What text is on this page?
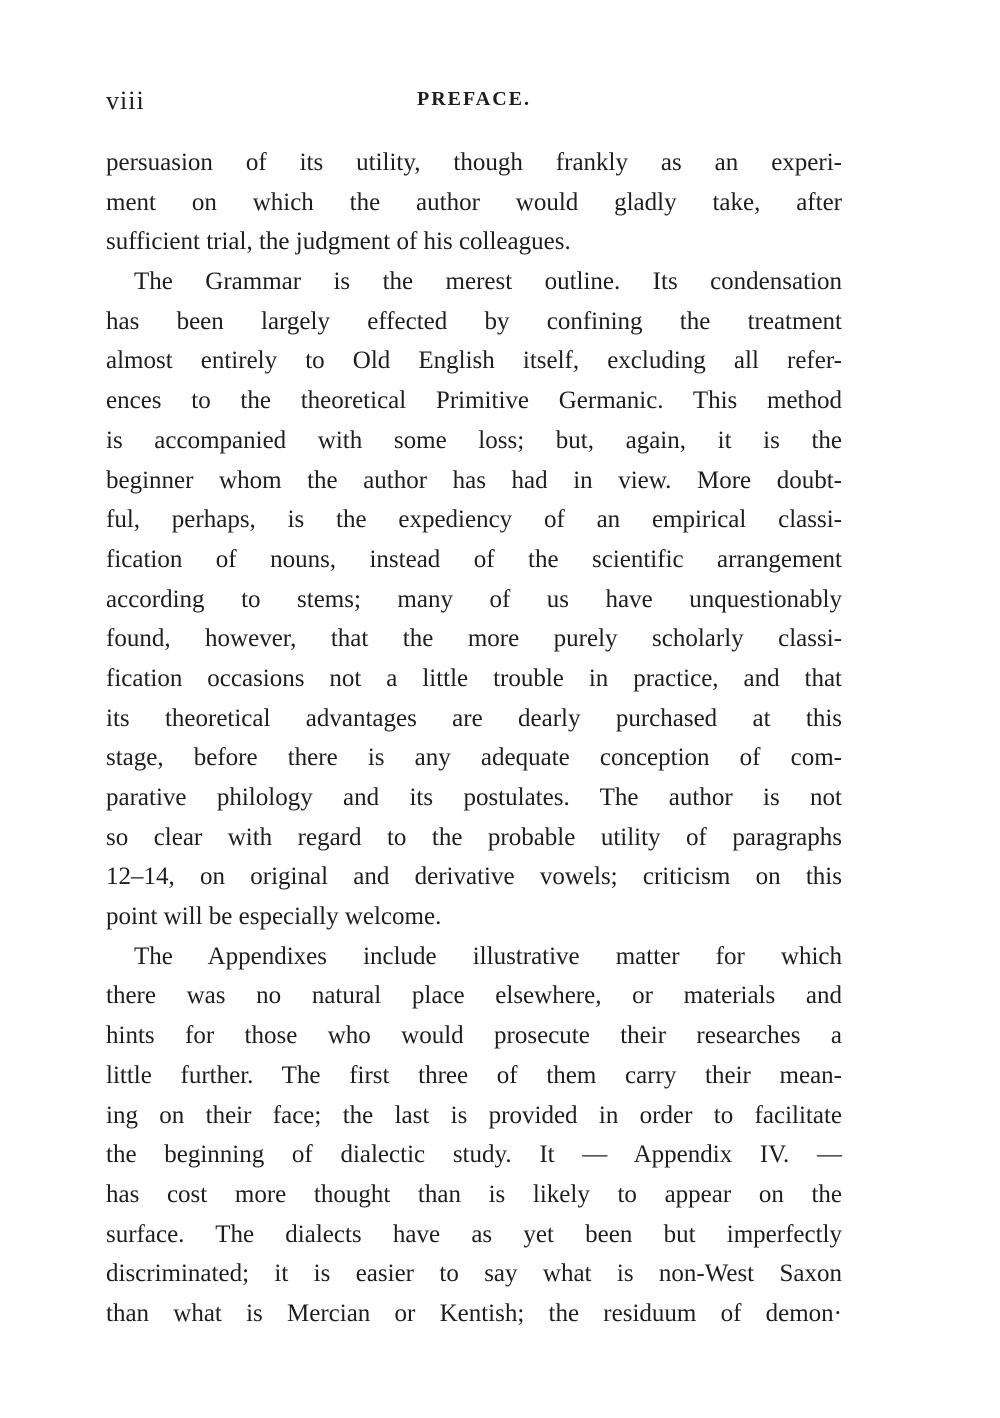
viii	PREFACE.
persuasion of its utility, though frankly as an experi-
ment on which the author would gladly take, after
sufficient trial, the judgment of his colleagues.
The Grammar is the merest outline. Its condensation
has been largely effected by confining the treatment
almost entirely to Old English itself, excluding all refer-
ences to the theoretical Primitive Germanic. This method
is accompanied with some loss; but, again, it is the
beginner whom the author has had in view. More doubt-
ful, perhaps, is the expediency of an empirical classi-
fication of nouns, instead of the scientific arrangement
according to stems; many of us have unquestionably
found, however, that the more purely scholarly classi-
fication occasions not a little trouble in practice, and that
its theoretical advantages are dearly purchased at this
stage, before there is any adequate conception of com-
parative philology and its postulates. The author is not
so clear with regard to the probable utility of paragraphs
12–14, on original and derivative vowels; criticism on this
point will be especially welcome.
The Appendixes include illustrative matter for which
there was no natural place elsewhere, or materials and
hints for those who would prosecute their researches a
little further. The first three of them carry their mean-
ing on their face; the last is provided in order to facilitate
the beginning of dialectic study. It — Appendix IV. —
has cost more thought than is likely to appear on the
surface. The dialects have as yet been but imperfectly
discriminated; it is easier to say what is non-West Saxon
than what is Mercian or Kentish; the residuum of demon·
